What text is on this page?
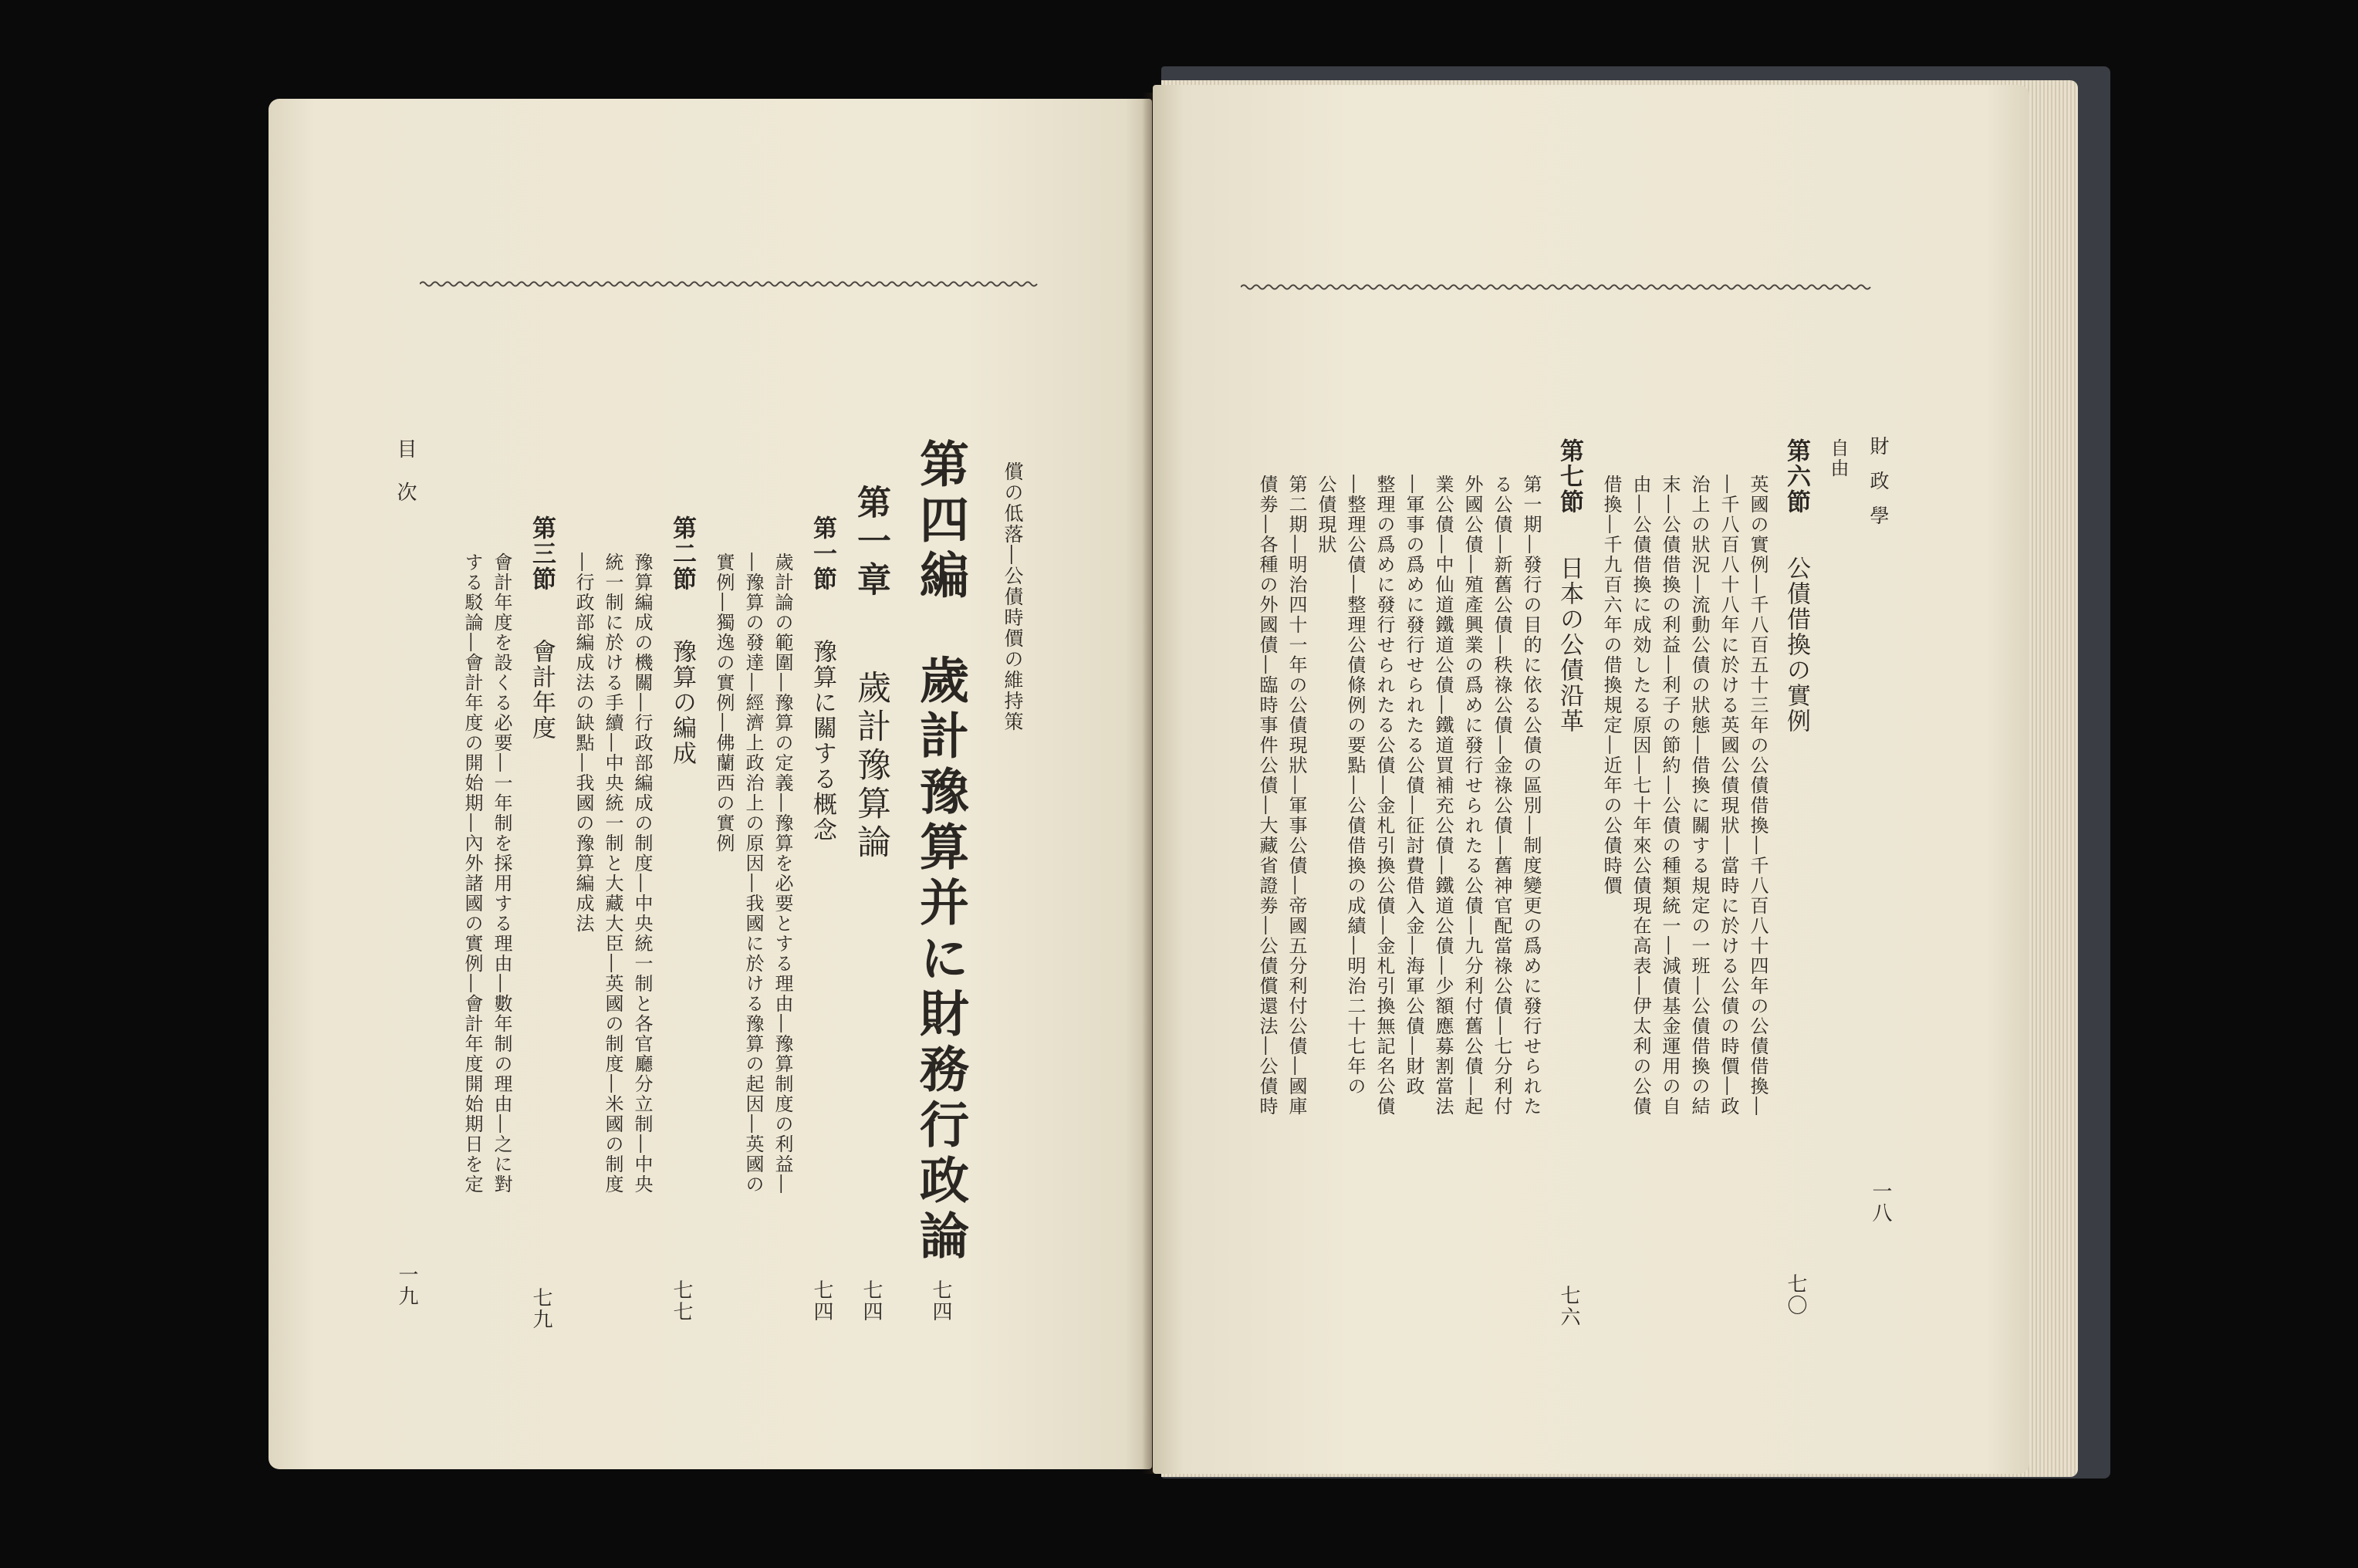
償の低落―公債時價の維持策
第四編
歲計豫算并に財務行政論
七四
第一章
歲計豫算論
七四
第一節
豫算に關する概念
七四
歲計論の範圍―豫算の定義―豫算を必要とする理由―豫算制度の利益―
―豫算の發達―經濟上政治上の原因―我國に於ける豫算の起因―英國の
實例―獨逸の實例―佛蘭西の實例
第二節
豫算の編成
七七
豫算編成の機關―行政部編成の制度―中央統一制と各官廳分立制―中央
統一制に於ける手續―中央統一制と大藏大臣―英國の制度―米國の制度
―行政部編成法の缺點―我國の豫算編成法
第三節
會計年度
七九
會計年度を設くる必要―一年制を採用する理由―數年制の理由―之に對
する駁論―會計年度の開始期―內外諸國の實例―會計年度開始期日を定
目次
一九
財政學
一八
自由
第六節
公債借換の實例
七〇
英國の實例―千八百五十三年の公債借換―千八百八十四年の公債借換―
―千八百八十八年に於ける英國公債現狀―當時に於ける公債の時價―政
治上の狀況―流動公債の狀態―借換に關する規定の一班―公債借換の結
末―公債借換の利益―利子の節約―公債の種類統一―減債基金運用の自
由―公債借換に成効したる原因―七十年來公債現在高表―伊太利の公債
借換―千九百六年の借換規定―近年の公債時價
第七節
日本の公債沿革
七六
第一期―發行の目的に依る公債の區別―制度變更の爲めに發行せられた
る公債―新舊公債―秩祿公債―金祿公債―舊神官配當祿公債―七分利付
外國公債―殖產興業の爲めに發行せられたる公債―九分利付舊公債―起
業公債―中仙道鐵道公債―鐵道買補充公債―鐵道公債―少額應募割當法
―軍事の爲めに發行せられたる公債―征討費借入金―海軍公債―財政
整理の爲めに發行せられたる公債―金札引換公債―金札引換無記名公債
―整理公債―整理公債條例の要點―公債借換の成績―明治二十七年の
公債現狀
第二期―明治四十一年の公債現狀―軍事公債―帝國五分利付公債―國庫
債劵―各種の外國債―臨時事件公債―大藏省證劵―公債償還法―公債時
